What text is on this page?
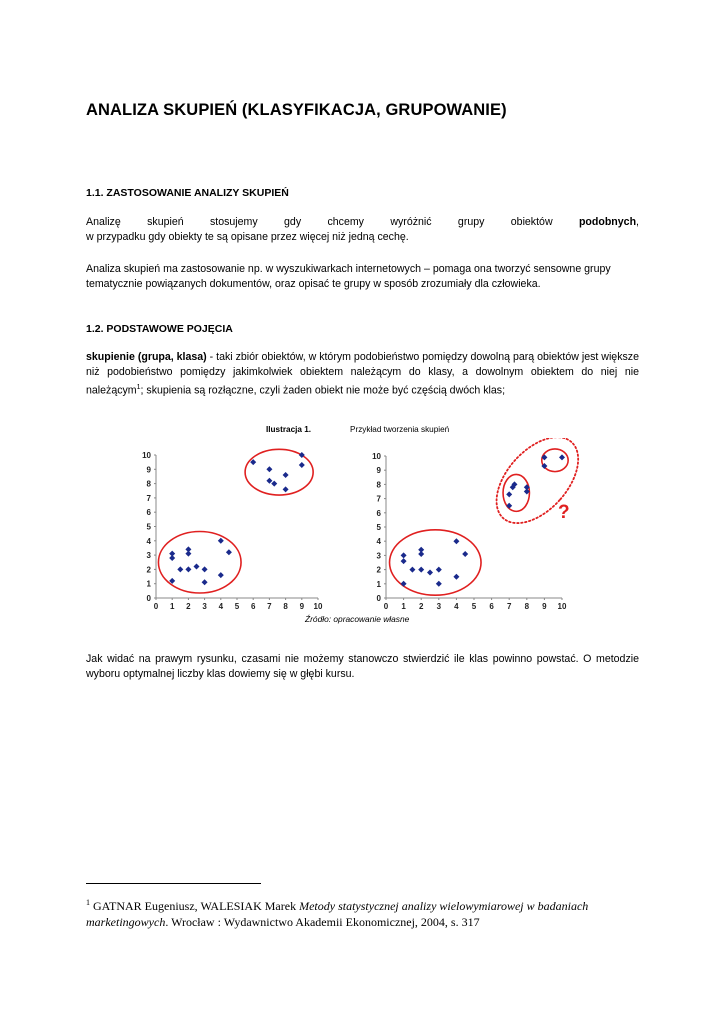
ANALIZA SKUPIEŃ (KLASYFIKACJA, GRUPOWANIE)

1.1. ZASTOSOWANIE ANALIZY SKUPIEŃ

Analizę skupień stosujemy gdy chcemy wyróżnić grupy obiektów podobnych,
w przypadku gdy obiekty te są opisane przez więcej niż jedną cechę.

Analiza skupień ma zastosowanie np. w wyszukiwarkach internetowych – pomaga ona tworzyć sensowne grupy tematycznie powiązanych dokumentów, oraz opisać te grupy w sposób zrozumiały dla człowieka.

1.2. PODSTAWOWE POJĘCIA

skupienie (grupa, klasa) - taki zbiór obiektów, w którym podobieństwo pomiędzy dowolną parą obiektów jest większe niż podobieństwo pomiędzy jakimkolwiek obiektem należącym do klasy, a dowolnym obiektem do niej nie należącym$^1$; skupienia są rozłączne, czyli żaden obiekt nie może być częścią dwóch klas;

Ilustracja 1.	Przykład tworzenia skupień
0 1 2 3 4 5 6 7 8 9 10
0
1
2
3
4
5
6
7
8
9
10
0 1 2 3 4 5 6 7 8 9 10
0
1
2
3
4
5
6
7
8
9
10
?
Źródło: opracowanie własne

Jak widać na prawym rysunku, czasami nie możemy stanowczo stwierdzić ile klas powinno powstać. O metodzie wyboru optymalnej liczby klas dowiemy się w głębi kursu.

$^1$ GATNAR Eugeniusz, WALESIAK Marek Metody statystycznej analizy wielowymiarowej w badaniach marketingowych. Wrocław : Wydawnictwo Akademii Ekonomicznej, 2004, s. 317
